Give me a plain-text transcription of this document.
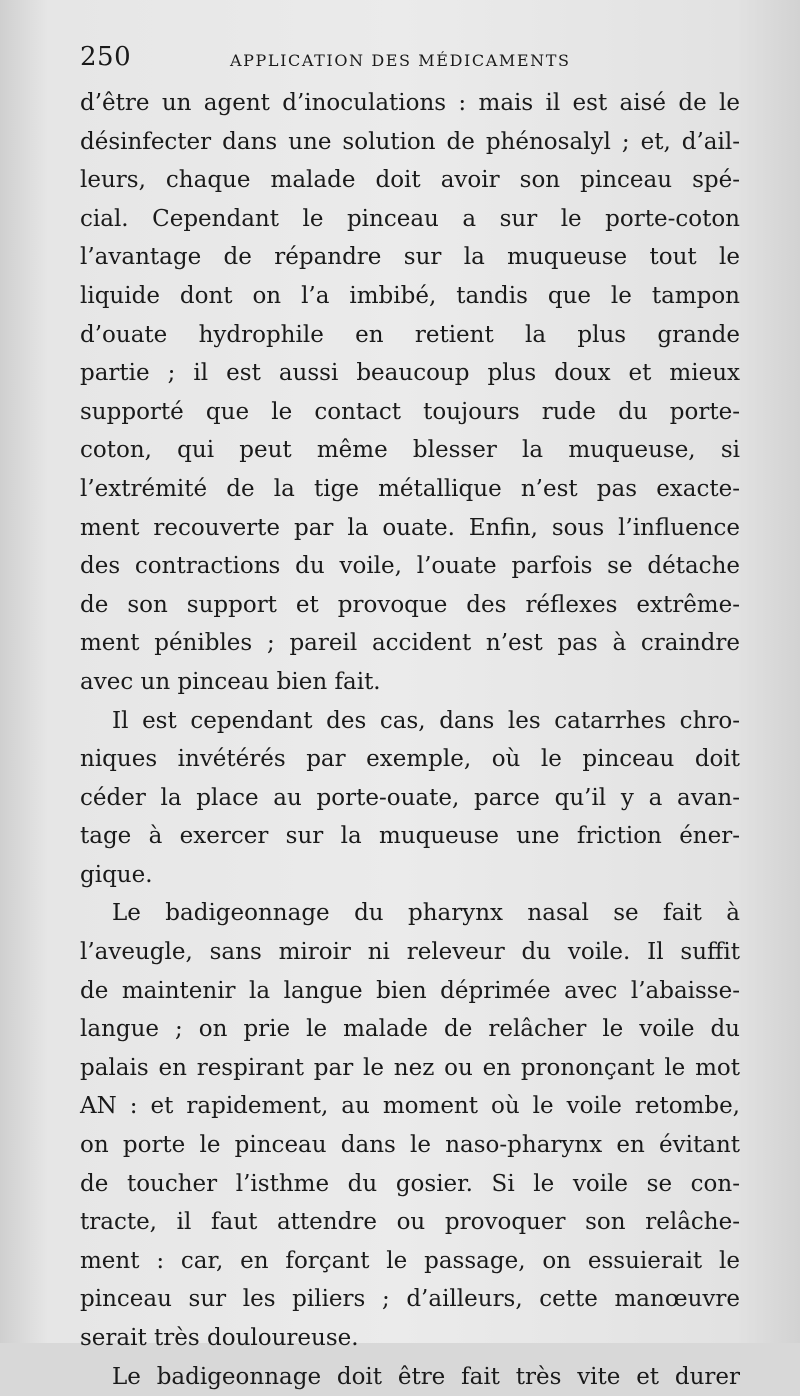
250	APPLICATION DES MÉDICAMENTS
d’être un agent d’inoculations : mais il est aisé de le
désinfecter dans une solution de phénosalyl ; et, d’ail-
leurs, chaque malade doit avoir son pinceau spé-
cial. Cependant le pinceau a sur le porte-coton
l’avantage de répandre sur la muqueuse tout le
liquide dont on l’a imbibé, tandis que le tampon
d’ouate hydrophile en retient la plus grande
partie ; il est aussi beaucoup plus doux et mieux
supporté que le contact toujours rude du porte-
coton, qui peut même blesser la muqueuse, si
l’extrémité de la tige métallique n’est pas exacte-
ment recouverte par la ouate. Enfin, sous l’influence
des contractions du voile, l’ouate parfois se détache
de son support et provoque des réflexes extrême-
ment pénibles ; pareil accident n’est pas à craindre
avec un pinceau bien fait.
Il est cependant des cas, dans les catarrhes chro-
niques invétérés par exemple, où le pinceau doit
céder la place au porte-ouate, parce qu’il y a avan-
tage à exercer sur la muqueuse une friction éner-
gique.
Le badigeonnage du pharynx nasal se fait à
l’aveugle, sans miroir ni releveur du voile. Il suffit
de maintenir la langue bien déprimée avec l’abaisse-
langue ; on prie le malade de relâcher le voile du
palais en respirant par le nez ou en prononçant le mot
AN : et rapidement, au moment où le voile retombe,
on porte le pinceau dans le naso-pharynx en évitant
de toucher l’isthme du gosier. Si le voile se con-
tracte, il faut attendre ou provoquer son relâche-
ment : car, en forçant le passage, on essuierait le
pinceau sur les piliers ; d’ailleurs, cette manœuvre
serait très douloureuse.
Le badigeonnage doit être fait très vite et durer
